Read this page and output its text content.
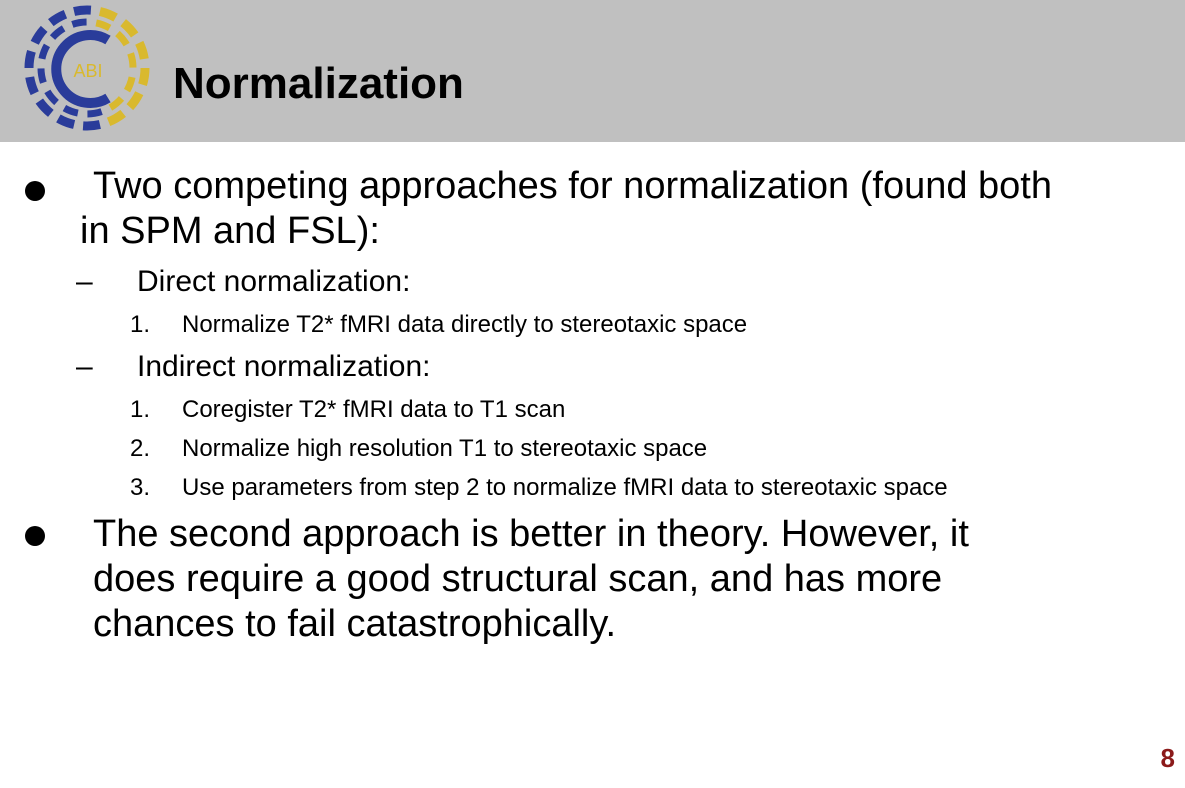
ABI Normalization
Two competing approaches for normalization (found both
in SPM and FSL):
– Direct normalization:
1. Normalize T2* fMRI data directly to stereotaxic space
– Indirect normalization:
1. Coregister T2* fMRI data to T1 scan
2. Normalize high resolution T1 to stereotaxic space
3. Use parameters from step 2 to normalize fMRI data to stereotaxic space
The second approach is better in theory. However, it
does require a good structural scan, and has more
chances to fail catastrophically.
8
